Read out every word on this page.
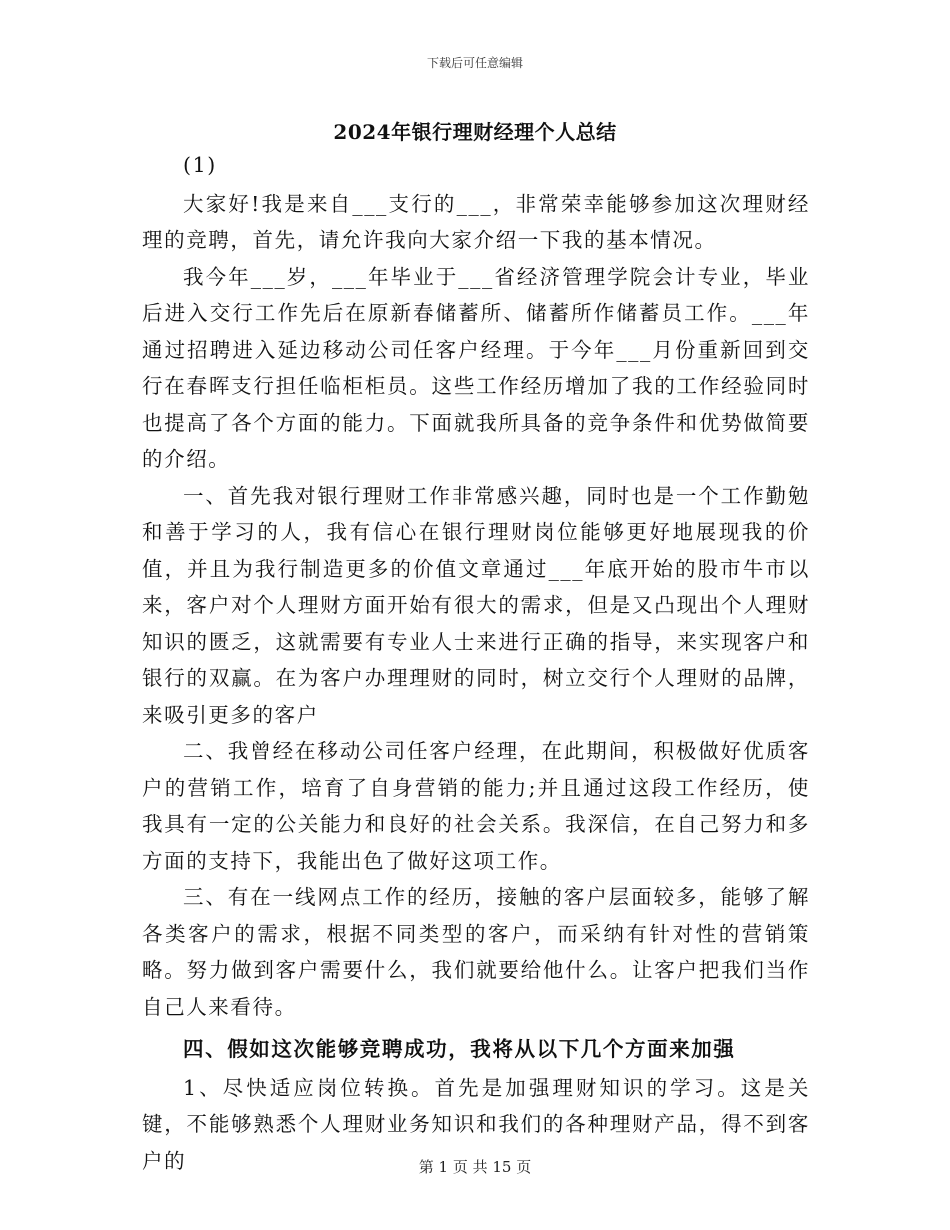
下载后可任意编辑
2024年银行理财经理个人总结

(1)

大家好!我是来自___支行的___，非常荣幸能够参加这次理财经理的竞聘，首先，请允许我向大家介绍一下我的基本情况。

我今年___岁，___年毕业于___省经济管理学院会计专业，毕业后进入交行工作先后在原新春储蓄所、储蓄所作储蓄员工作。___年通过招聘进入延边移动公司任客户经理。于今年___月份重新回到交行在春晖支行担任临柜柜员。这些工作经历增加了我的工作经验同时也提高了各个方面的能力。下面就我所具备的竞争条件和优势做简要的介绍。

一、首先我对银行理财工作非常感兴趣，同时也是一个工作勤勉和善于学习的人，我有信心在银行理财岗位能够更好地展现我的价值，并且为我行制造更多的价值文章通过___年底开始的股市牛市以来，客户对个人理财方面开始有很大的需求，但是又凸现出个人理财知识的匮乏，这就需要有专业人士来进行正确的指导，来实现客户和银行的双赢。在为客户办理理财的同时，树立交行个人理财的品牌，来吸引更多的客户

二、我曾经在移动公司任客户经理，在此期间，积极做好优质客户的营销工作，培育了自身营销的能力;并且通过这段工作经历，使我具有一定的公关能力和良好的社会关系。我深信，在自己努力和多方面的支持下，我能出色了做好这项工作。

三、有在一线网点工作的经历，接触的客户层面较多，能够了解各类客户的需求，根据不同类型的客户，而采纳有针对性的营销策略。努力做到客户需要什么，我们就要给他什么。让客户把我们当作自己人来看待。

四、假如这次能够竞聘成功，我将从以下几个方面来加强

1、尽快适应岗位转换。首先是加强理财知识的学习。这是关键，不能够熟悉个人理财业务知识和我们的各种理财产品，得不到客户的	第 1 页 共 15 页
